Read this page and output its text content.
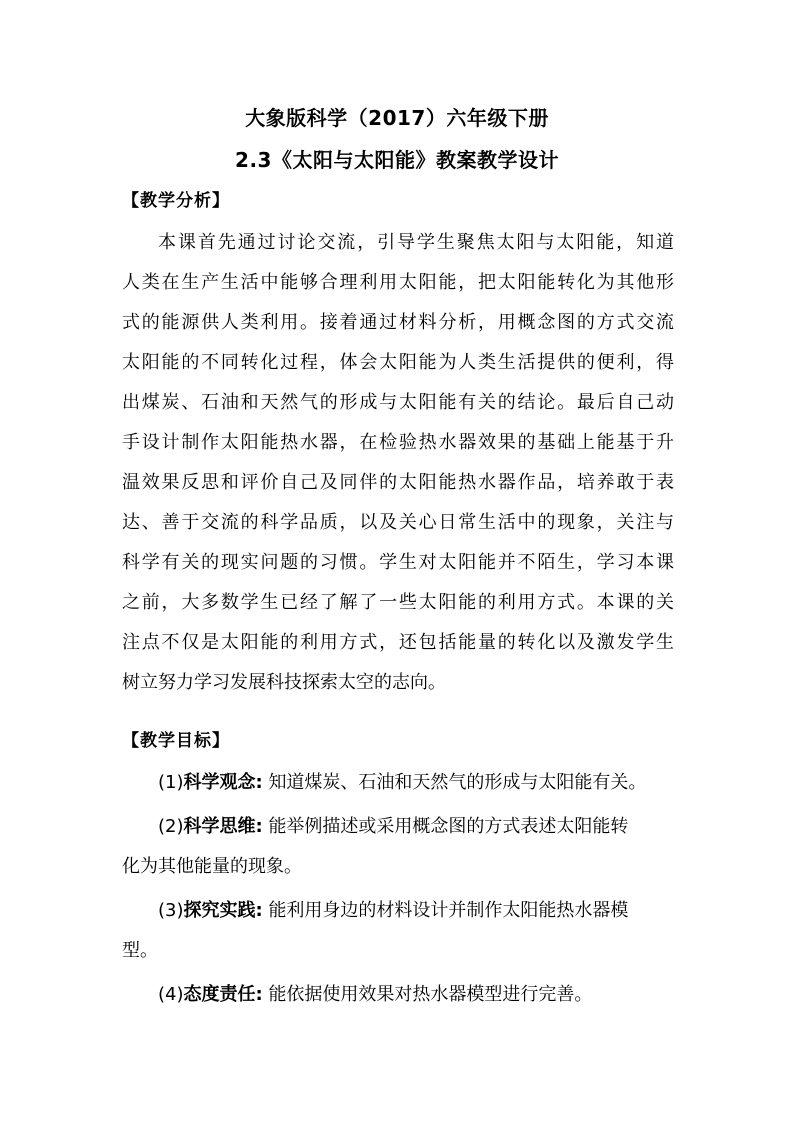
大象版科学（2017）六年级下册
2.3《太阳与太阳能》教案教学设计
【教学分析】
本课首先通过讨论交流，引导学生聚焦太阳与太阳能，知道
人类在生产生活中能够合理利用太阳能，把太阳能转化为其他形
式的能源供人类利用。接着通过材料分析，用概念图的方式交流
太阳能的不同转化过程，体会太阳能为人类生活提供的便利，得
出煤炭、石油和天然气的形成与太阳能有关的结论。最后自己动
手设计制作太阳能热水器，在检验热水器效果的基础上能基于升
温效果反思和评价自己及同伴的太阳能热水器作品，培养敢于表
达、善于交流的科学品质，以及关心日常生活中的现象，关注与
科学有关的现实问题的习惯。学生对太阳能并不陌生，学习本课
之前，大多数学生已经了解了一些太阳能的利用方式。本课的关
注点不仅是太阳能的利用方式，还包括能量的转化以及激发学生
树立努力学习发展科技探索太空的志向。
【教学目标】
(1)科学观念: 知道煤炭、石油和天然气的形成与太阳能有关。
(2)科学思维: 能举例描述或采用概念图的方式表述太阳能转
化为其他能量的现象。
(3)探究实践: 能利用身边的材料设计并制作太阳能热水器模
型。
(4)态度责任: 能依据使用效果对热水器模型进行完善。
